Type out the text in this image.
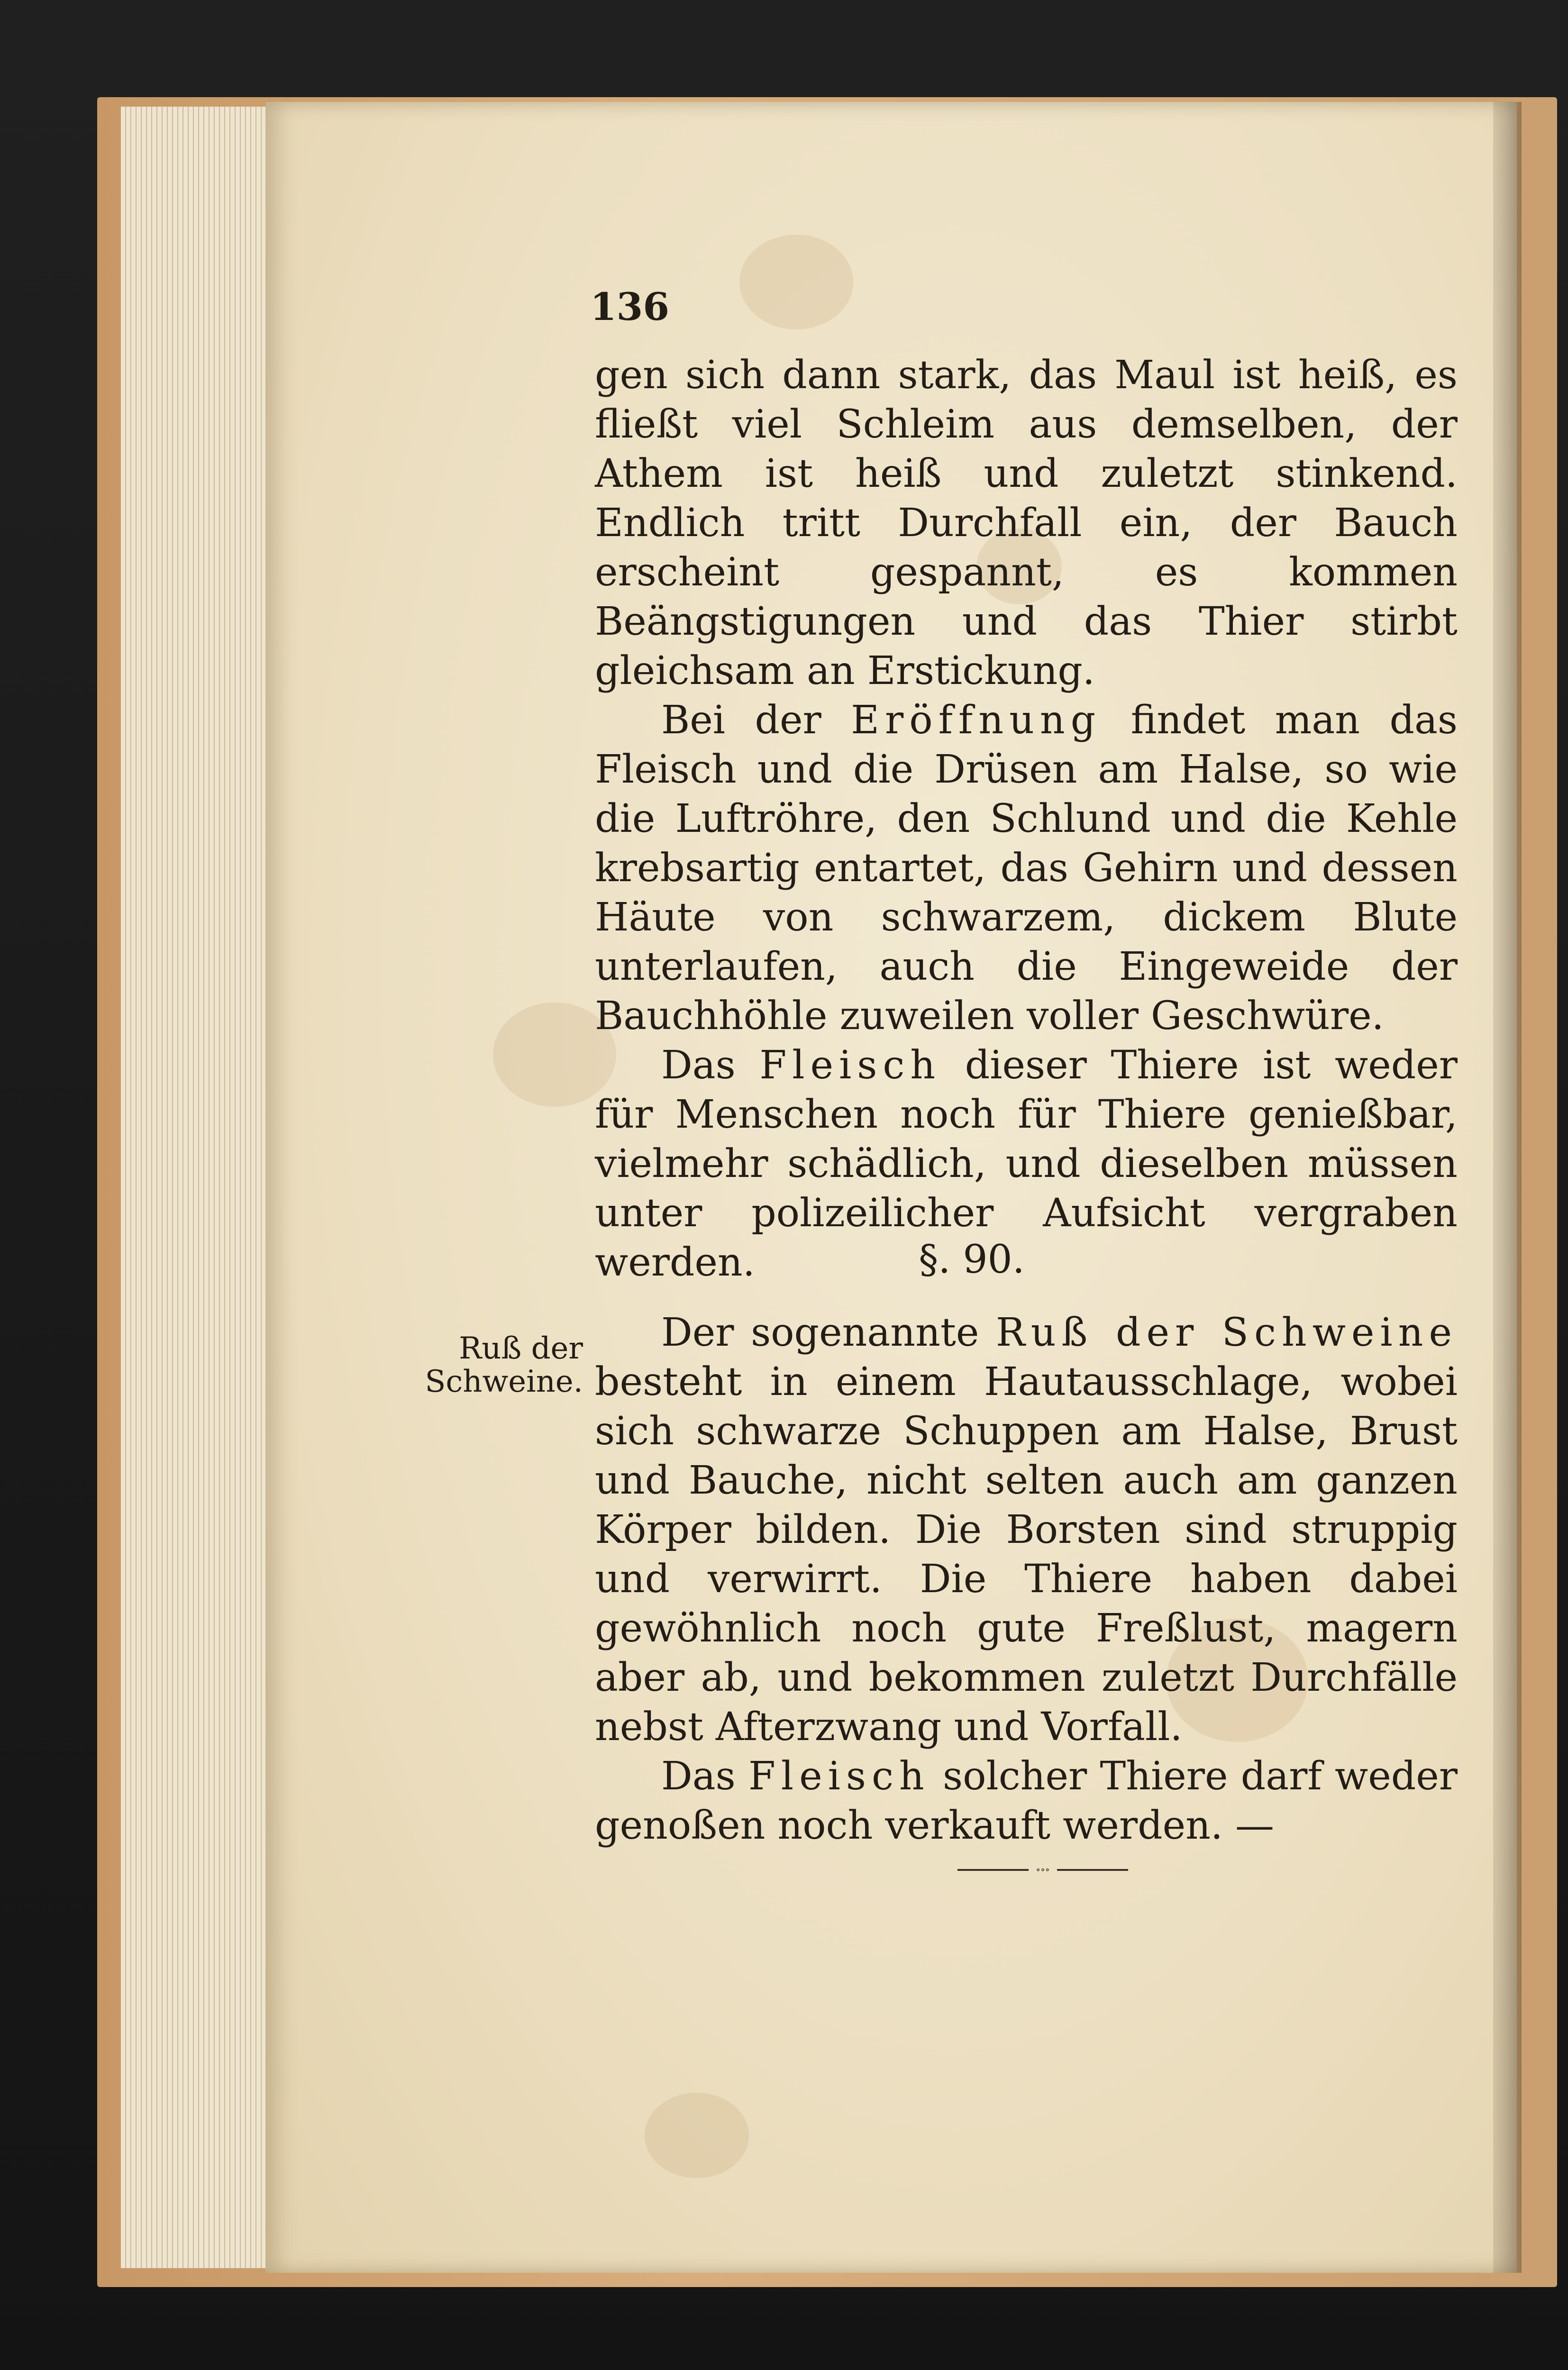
136

gen sich dann stark, das Maul ist heiß, es fließt viel Schleim aus demselben, der Athem ist heiß und zuletzt stinkend. Endlich tritt Durchfall ein, der Bauch erscheint gespannt, es kommen Beängstigungen und das Thier stirbt gleichsam an Erstickung.

Bei der Eröffnung findet man das Fleisch und die Drüsen am Halse, so wie die Luftröhre, den Schlund und die Kehle krebsartig entartet, das Gehirn und dessen Häute von schwarzem, dickem Blute unterlaufen, auch die Eingeweide der Bauchhöhle zuweilen voller Geschwüre.

Das Fleisch dieser Thiere ist weder für Menschen noch für Thiere genießbar, vielmehr schädlich, und dieselben müssen unter polizeilicher Aufsicht vergraben werden.	§. 90.
Ruß der Schweine.

Der sogenannte Ruß der Schweine besteht in einem Hautausschlage, wobei sich schwarze Schuppen am Halse, Brust und Bauche, nicht selten auch am ganzen Körper bilden. Die Borsten sind struppig und verwirrt. Die Thiere haben dabei gewöhnlich noch gute Freßlust, magern aber ab, und bekommen zuletzt Durchfälle nebst Afterzwang und Vorfall.

Das Fleisch solcher Thiere darf weder genoßen noch verkauft werden. —

∘∘∘
